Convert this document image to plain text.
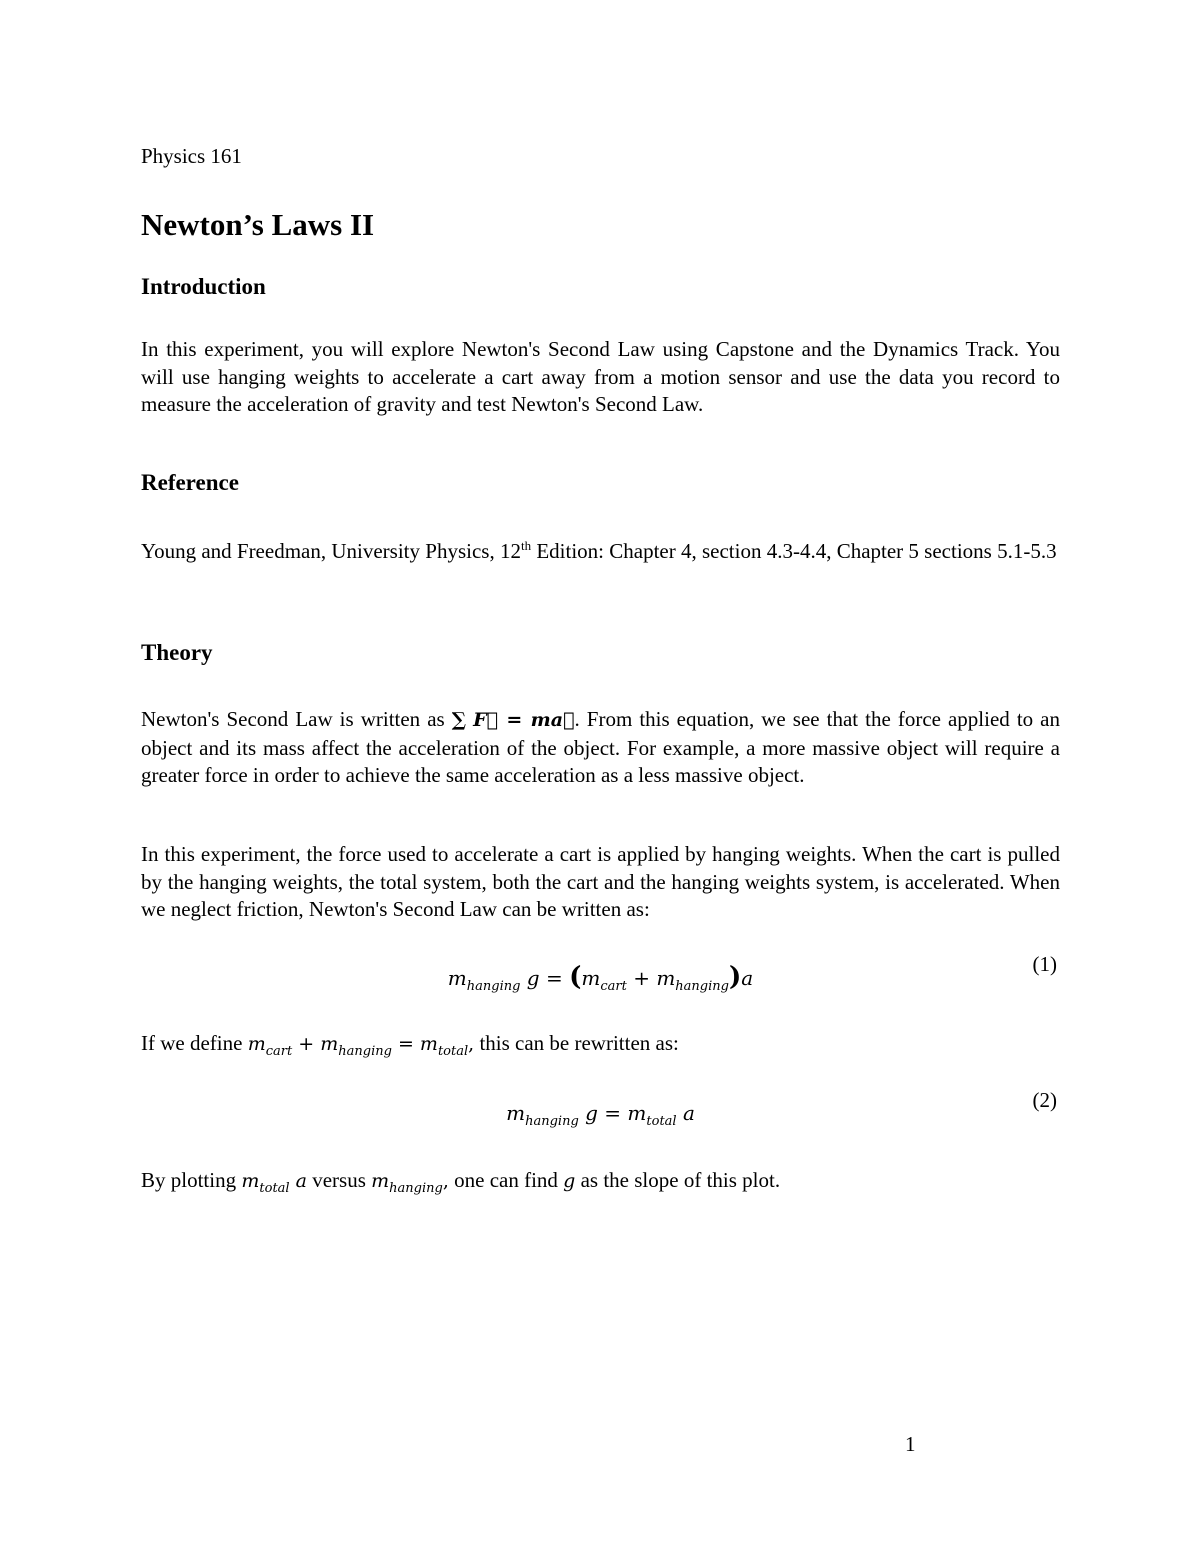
Physics 161
Newton’s Laws II
Introduction
In this experiment, you will explore Newton's Second Law using Capstone and the Dynamics Track. You will use hanging weights to accelerate a cart away from a motion sensor and use the data you record to measure the acceleration of gravity and test Newton's Second Law.
Reference
Young and Freedman, University Physics, 12th Edition: Chapter 4, section 4.3-4.4, Chapter 5 sections 5.1-5.3
Theory
Newton's Second Law is written as ∑ F⃗ = ma⃗. From this equation, we see that the force applied to an object and its mass affect the acceleration of the object. For example, a more massive object will require a greater force in order to achieve the same acceleration as a less massive object.
In this experiment, the force used to accelerate a cart is applied by hanging weights. When the cart is pulled by the hanging weights, the total system, both the cart and the hanging weights system, is accelerated. When we neglect friction, Newton's Second Law can be written as:
$m_{hanging}$ $g = (m_{cart} + m_{hanging})a$
(1)
If we define $m_{cart} + m_{hanging} = m_{total}$, this can be rewritten as:
$m_{hanging}$ $g = m_{total}$ a
(2)
By plotting $m_{total}$ a versus $m_{hanging}$, one can find g as the slope of this plot.
1
